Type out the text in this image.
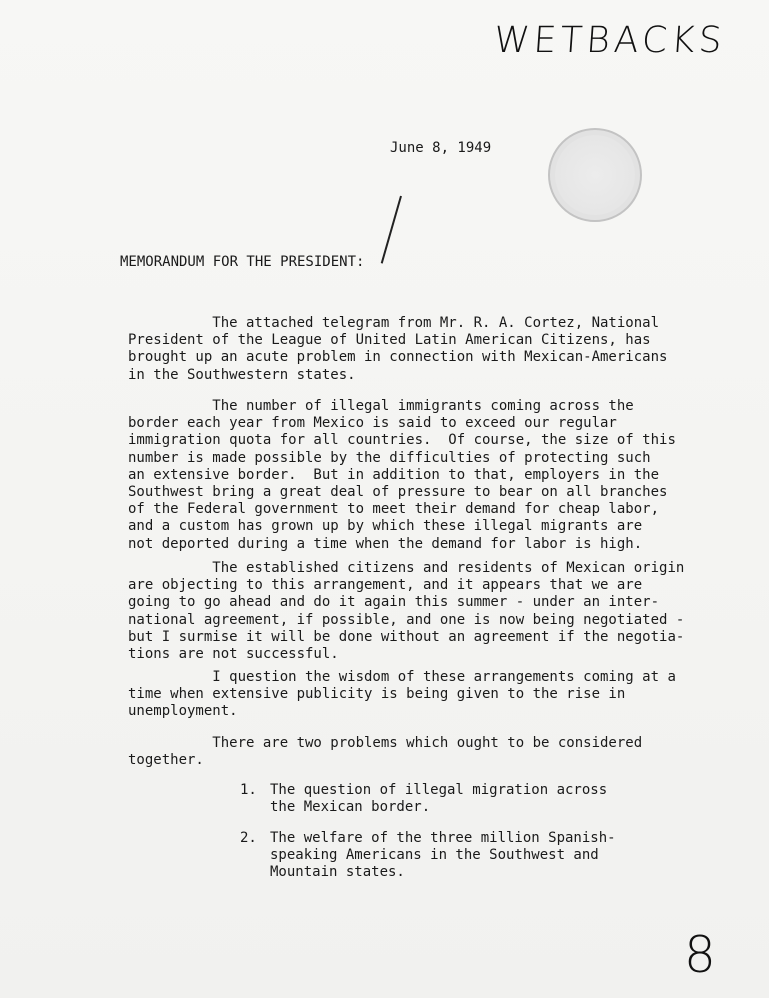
WETBACKS
June 8, 1949
MEMORANDUM FOR THE PRESIDENT:

The attached telegram from Mr. R. A. Cortez, National
President of the League of United Latin American Citizens, has
brought up an acute problem in connection with Mexican-Americans
in the Southwestern states.

The number of illegal immigrants coming across the
border each year from Mexico is said to exceed our regular
immigration quota for all countries.  Of course, the size of this
number is made possible by the difficulties of protecting such
an extensive border.  But in addition to that, employers in the
Southwest bring a great deal of pressure to bear on all branches
of the Federal government to meet their demand for cheap labor,
and a custom has grown up by which these illegal migrants are
not deported during a time when the demand for labor is high.

The established citizens and residents of Mexican origin
are objecting to this arrangement, and it appears that we are
going to go ahead and do it again this summer - under an inter-
national agreement, if possible, and one is now being negotiated -
but I surmise it will be done without an agreement if the negotia-
tions are not successful.

I question the wisdom of these arrangements coming at a
time when extensive publicity is being given to the rise in
unemployment.

There are two problems which ought to be considered
together.

1.

The question of illegal migration across
the Mexican border.

2.

The welfare of the three million Spanish-
speaking Americans in the Southwest and
Mountain states.

8
